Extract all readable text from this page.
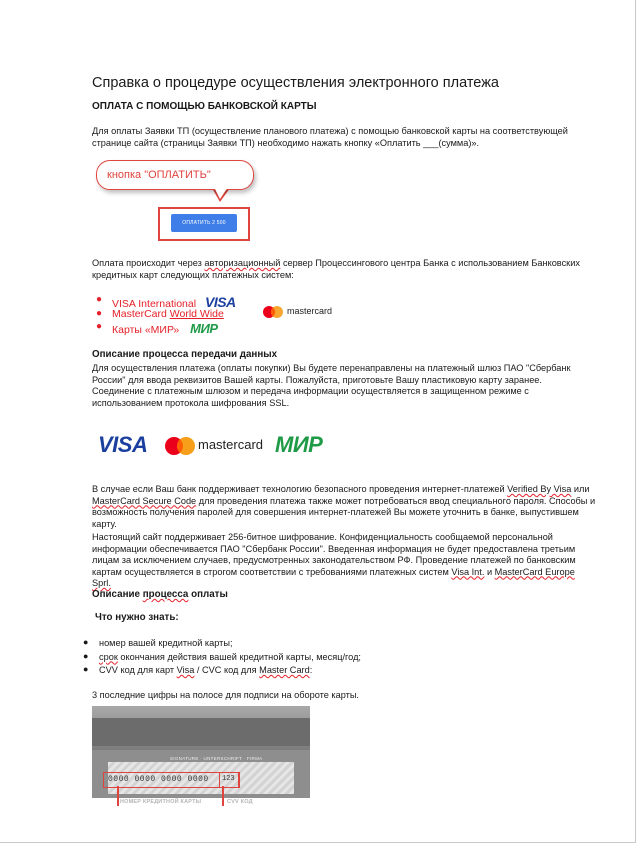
Справка о процедуре осуществления электронного платежа
ОПЛАТА С ПОМОЩЬЮ БАНКОВСКОЙ КАРТЫ
Для оплаты Заявки ТП (осуществление планового платежа) с помощью банковской карты на соответствующей
странице сайта (страницы Заявки ТП) необходимо нажать кнопку «Оплатить ___(сумма)».
кнопка "ОПЛАТИТЬ"
ОПЛАТИТЬ 2 500
Оплата происходит через авторизационный сервер Процессингового центра Банка с использованием Банковских
кредитных карт следующих платежных систем:
● VISA International VISA
● MasterCard World Wide	mastercard
● Карты «МИР» МИР
Описание процесса передачи данных
Для осуществления платежа (оплаты покупки) Вы будете перенаправлены на платежный шлюз ПАО "Сбербанк
России" для ввода реквизитов Вашей карты. Пожалуйста, приготовьте Вашу пластиковую карту заранее.
Соединение с платежным шлюзом и передача информации осуществляется в защищенном режиме с
использованием протокола шифрования SSL.
VISA	mastercard МИР
В случае если Ваш банк поддерживает технологию безопасного проведения интернет-платежей Verified By Visa или
MasterCard Secure Code для проведения платежа также может потребоваться ввод специального пароля. Способы и
возможность получения паролей для совершения интернет-платежей Вы можете уточнить в банке, выпустившем
карту.
Настоящий сайт поддерживает 256-битное шифрование. Конфиденциальность сообщаемой персональной
информации обеспечивается ПАО "Сбербанк России". Введенная информация не будет предоставлена третьим
лицам за исключением случаев, предусмотренных законодательством РФ. Проведение платежей по банковским
картам осуществляется в строгом соответствии с требованиями платежных систем Visa Int. и MasterCard Europe
Sprl.
Описание процесса оплаты
Что нужно знать:
● номер вашей кредитной карты;
● срок окончания действия вашей кредитной карты, месяц/год;
● CVV код для карт Visa / CVC код для Master Card:
3 последние цифры на полосе для подписи на обороте карты.
SIGNATURE · UNTERSCHRIFT · FIRMA
0000 0000 0000 0000 123
НОМЕР КРЕДИТНОЙ КАРТЫ	CVV КОД
